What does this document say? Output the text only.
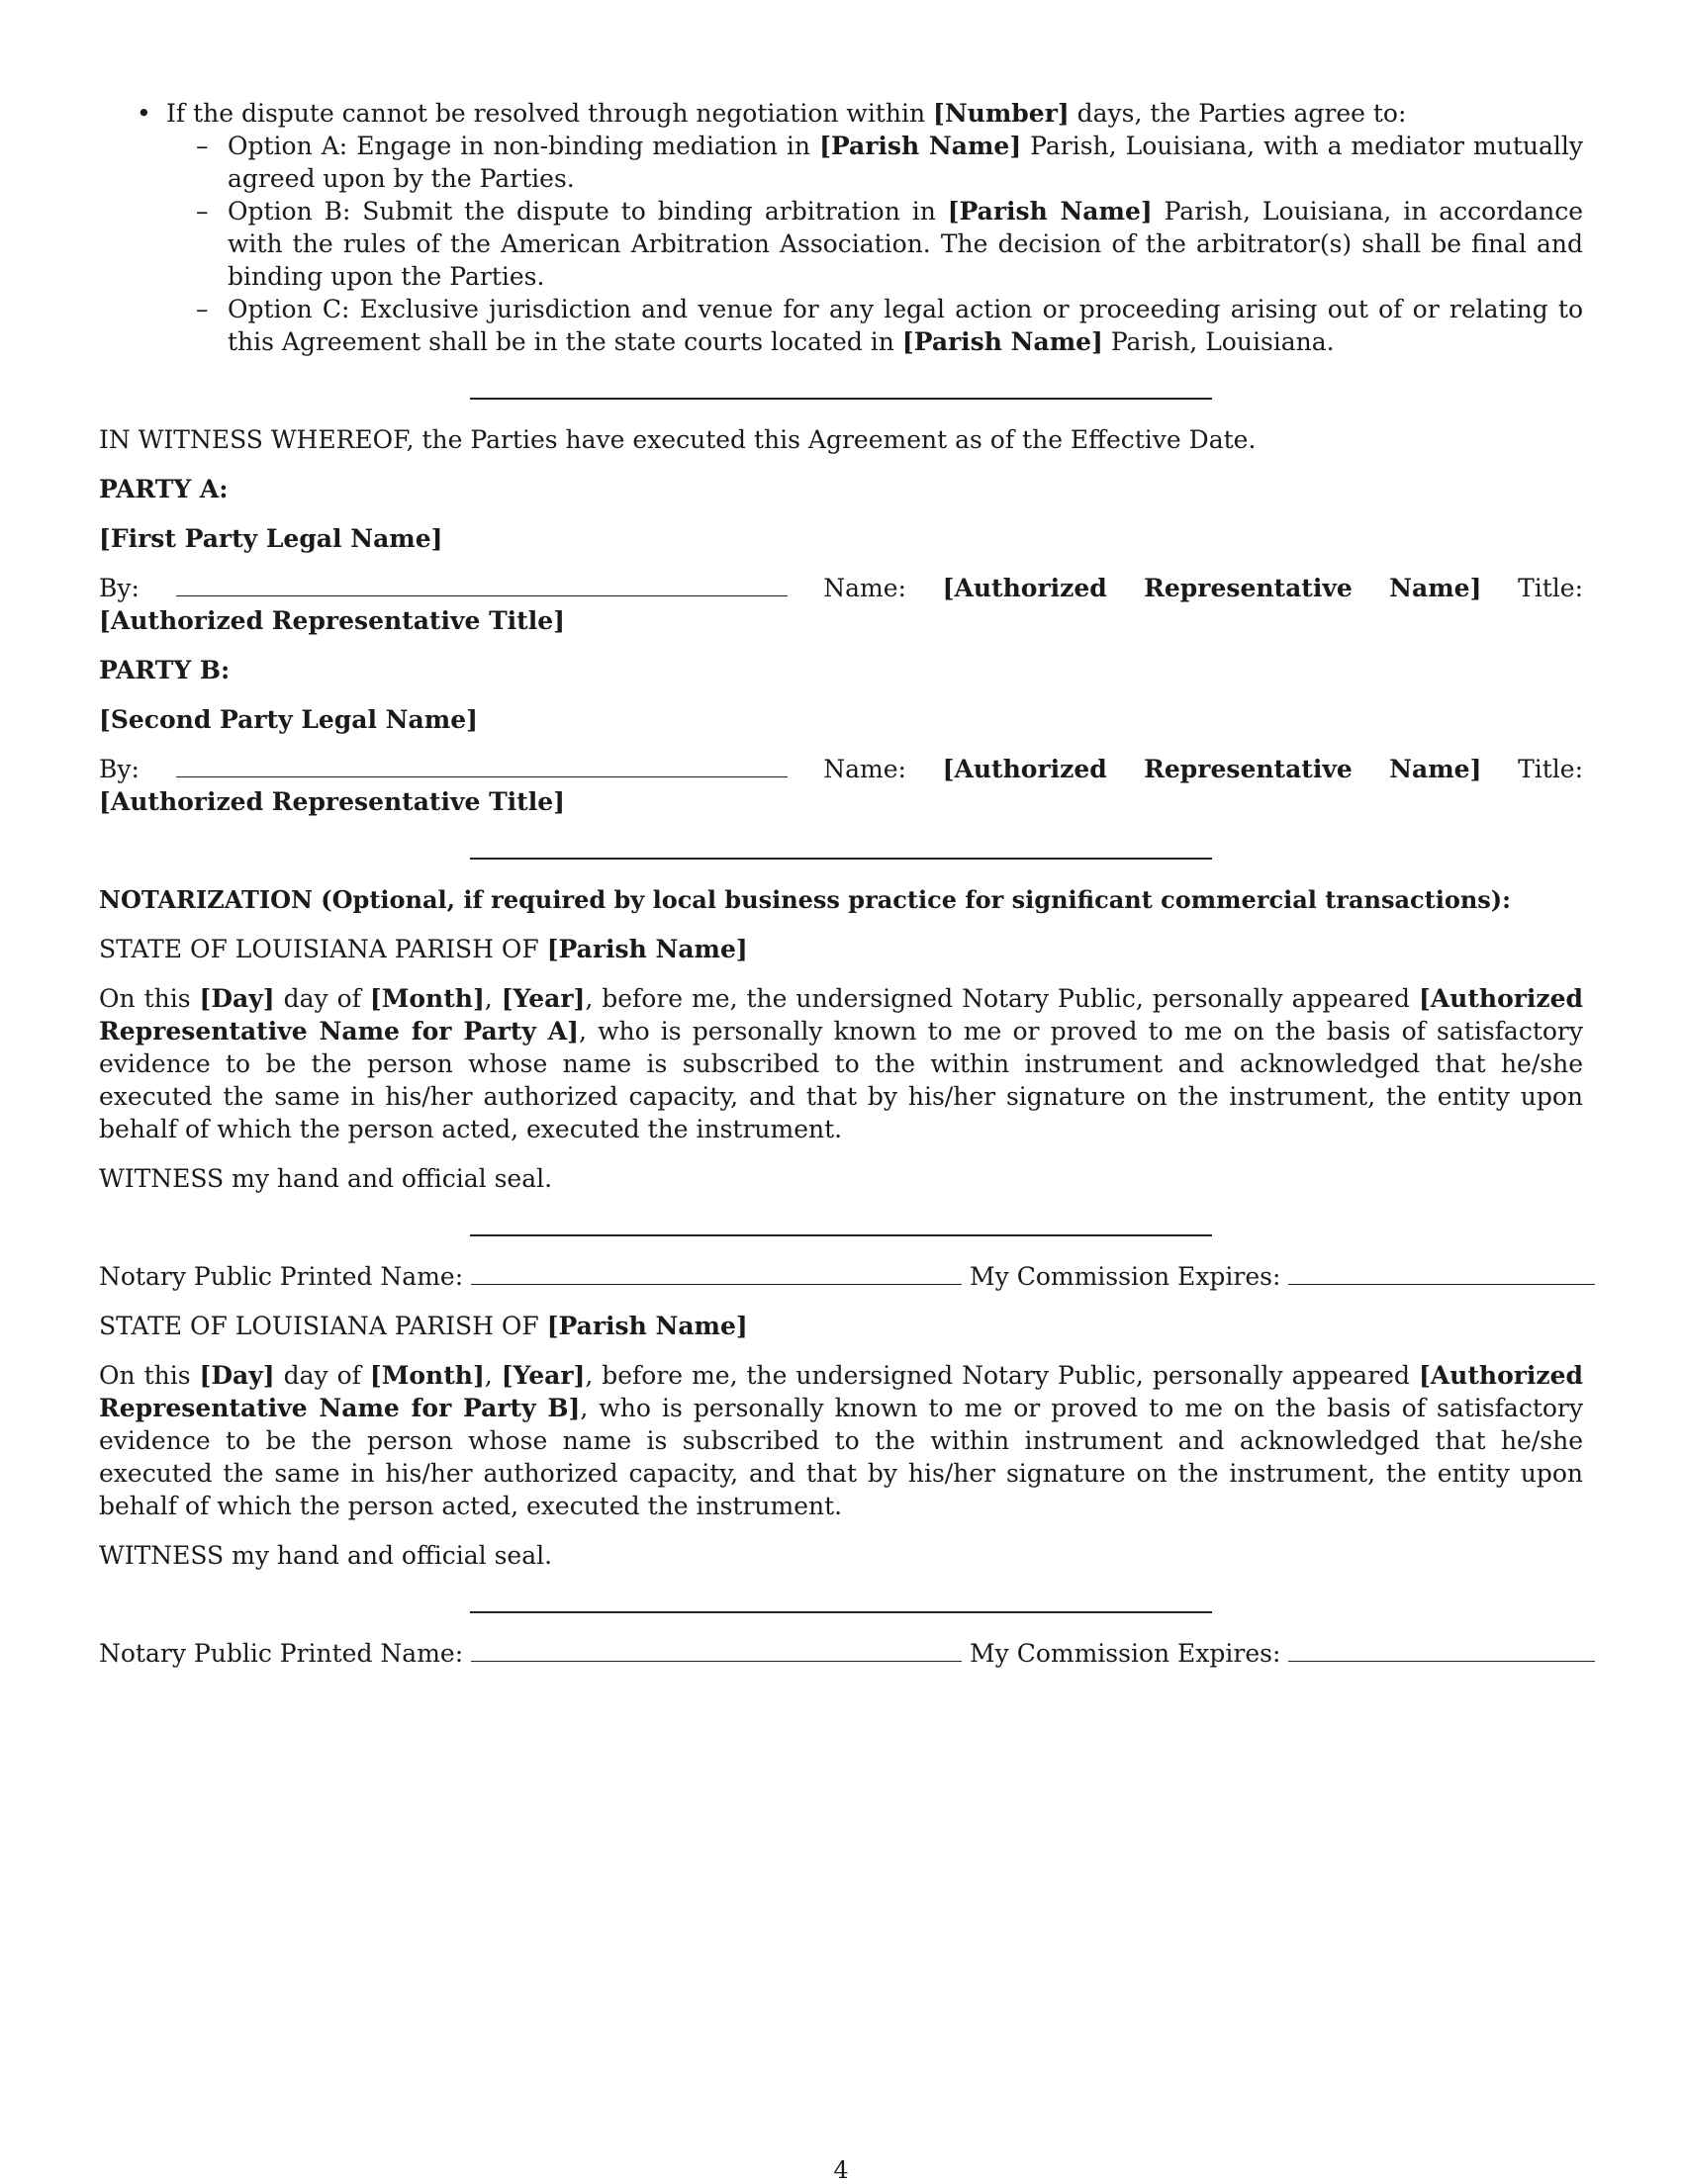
• If the dispute cannot be resolved through negotiation within [Number] days, the Parties agree to:
– Option A: Engage in non-binding mediation in [Parish Name] Parish, Louisiana, with a mediator mutually agreed upon by the Parties.
– Option B: Submit the dispute to binding arbitration in [Parish Name] Parish, Louisiana, in accordance with the rules of the American Arbitration Association. The decision of the arbitrator(s) shall be final and binding upon the Parties.
– Option C: Exclusive jurisdiction and venue for any legal action or proceeding arising out of or relating to this Agreement shall be in the state courts located in [Parish Name] Parish, Louisiana.

IN WITNESS WHEREOF, the Parties have executed this Agreement as of the Effective Date.

PARTY A:

[First Party Legal Name]

By:	Name: [Authorized Representative Name] Title: [Authorized Representative Title]

PARTY B:

[Second Party Legal Name]

By:	Name: [Authorized Representative Name] Title: [Authorized Representative Title]

NOTARIZATION (Optional, if required by local business practice for significant commercial transactions):

STATE OF LOUISIANA PARISH OF [Parish Name]

On this [Day] day of [Month], [Year], before me, the undersigned Notary Public, personally appeared [Authorized Representative Name for Party A], who is personally known to me or proved to me on the basis of satisfactory evidence to be the person whose name is subscribed to the within instrument and acknowledged that he/she executed the same in his/her authorized capacity, and that by his/her signature on the instrument, the entity upon behalf of which the person acted, executed the instrument.

WITNESS my hand and official seal.

Notary Public Printed Name:	My Commission Expires:

STATE OF LOUISIANA PARISH OF [Parish Name]

On this [Day] day of [Month], [Year], before me, the undersigned Notary Public, personally appeared [Authorized Representative Name for Party B], who is personally known to me or proved to me on the basis of satisfactory evidence to be the person whose name is subscribed to the within instrument and acknowledged that he/she executed the same in his/her authorized capacity, and that by his/her signature on the instrument, the entity upon behalf of which the person acted, executed the instrument.

WITNESS my hand and official seal.

Notary Public Printed Name:	My Commission Expires:

4
